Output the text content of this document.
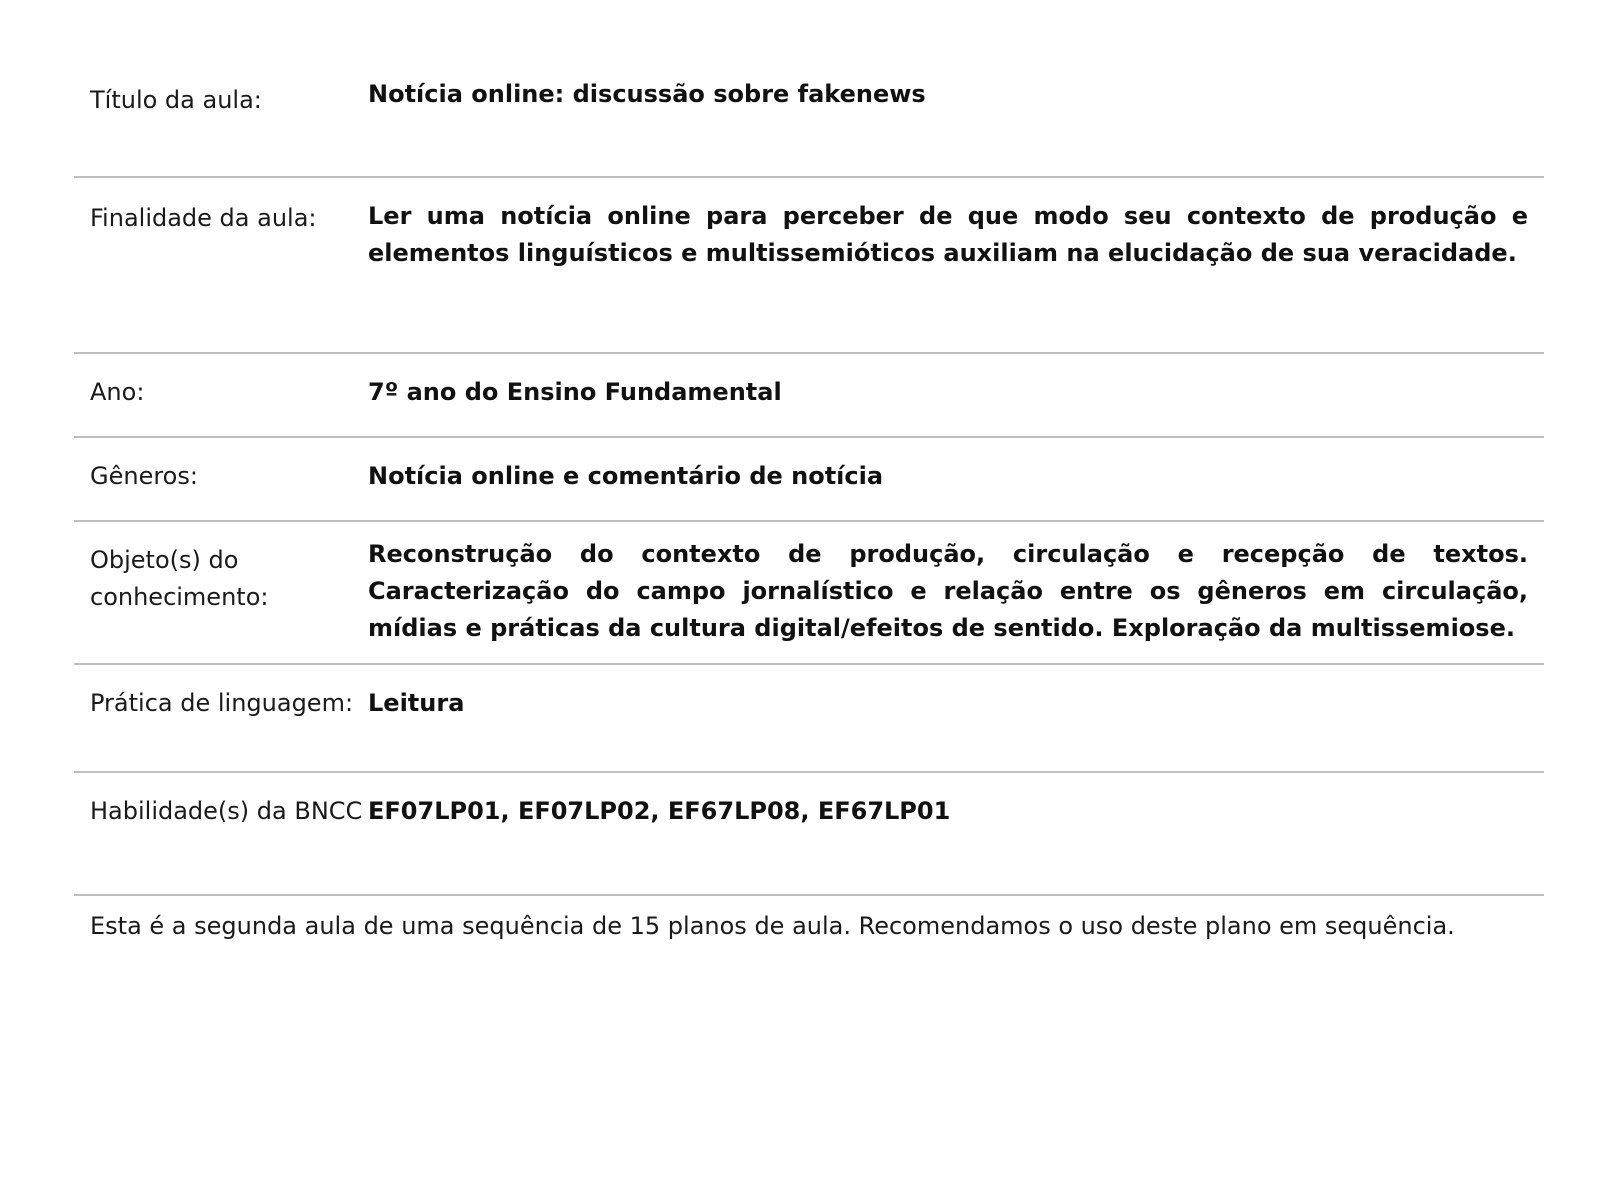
Título da aula:	Notícia online: discussão sobre fakenews
Finalidade da aula:	Ler uma notícia online para perceber de que modo seu contexto de produção e elementos linguísticos e multissemióticos auxiliam na elucidação de sua veracidade.
Ano:	7º ano do Ensino Fundamental
Gêneros:	Notícia online e comentário de notícia
Objeto(s) do conhecimento:
Reconstrução do contexto de produção, circulação e recepção de textos. Caracterização do campo jornalístico e relação entre os gêneros em circulação, mídias e práticas da cultura digital/efeitos de sentido. Exploração da multissemiose.
Prática de linguagem: Leitura
Habilidade(s) da BNCC EF07LP01, EF07LP02, EF67LP08, EF67LP01
Esta é a segunda aula de uma sequência de 15 planos de aula. Recomendamos o uso deste plano em sequência.
